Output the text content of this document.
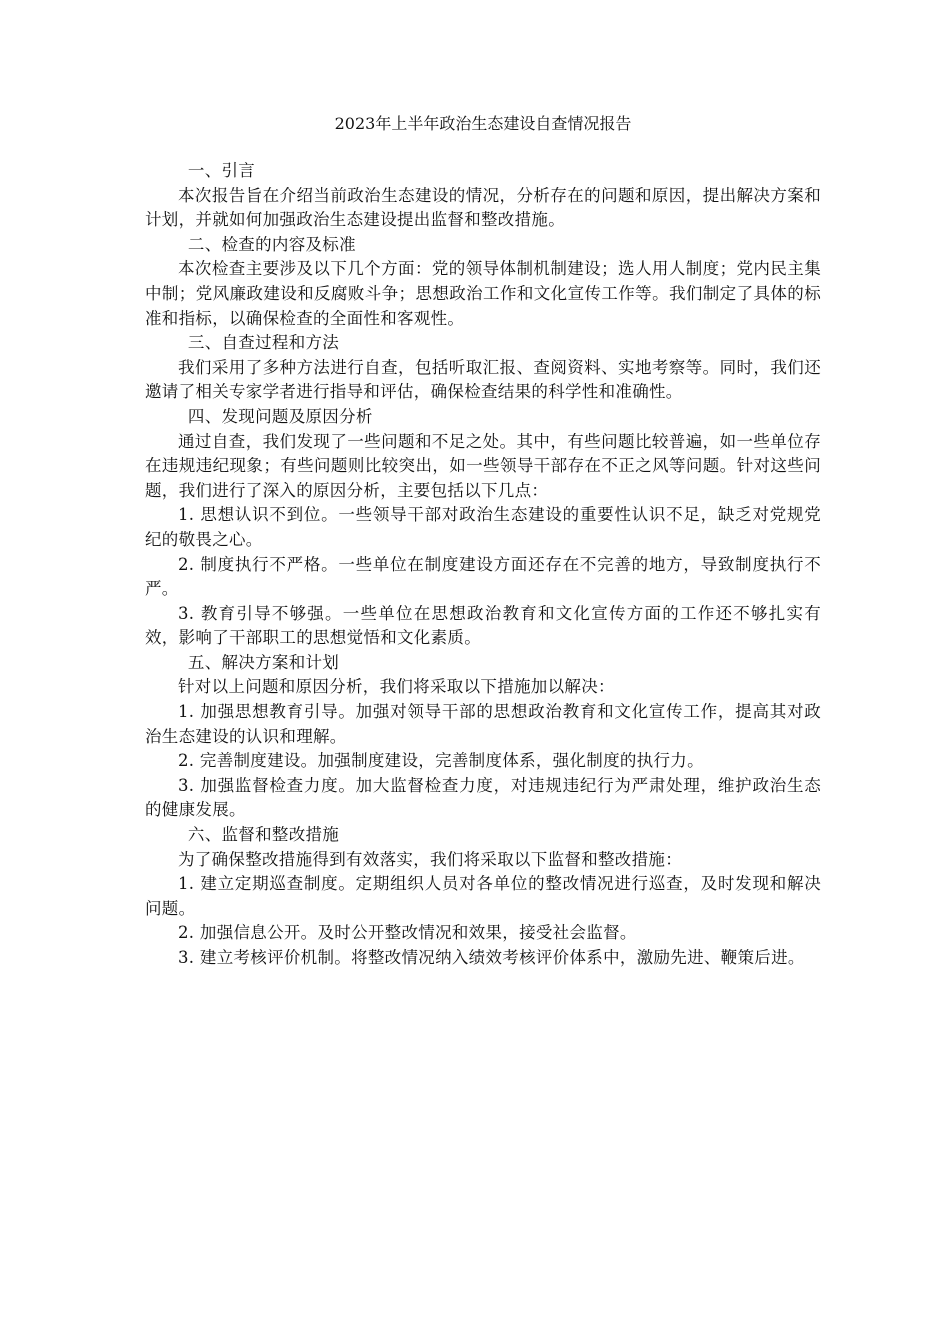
2023年上半年政治生态建设自查情况报告

一、引言

本次报告旨在介绍当前政治生态建设的情况，分析存在的问题和原因，提出解决方案和计划，并就如何加强政治生态建设提出监督和整改措施。

二、检查的内容及标准

本次检查主要涉及以下几个方面：党的领导体制机制建设；选人用人制度；党内民主集中制；党风廉政建设和反腐败斗争；思想政治工作和文化宣传工作等。我们制定了具体的标准和指标，以确保检查的全面性和客观性。

三、自查过程和方法

我们采用了多种方法进行自查，包括听取汇报、查阅资料、实地考察等。同时，我们还邀请了相关专家学者进行指导和评估，确保检查结果的科学性和准确性。

四、发现问题及原因分析

通过自查，我们发现了一些问题和不足之处。其中，有些问题比较普遍，如一些单位存在违规违纪现象；有些问题则比较突出，如一些领导干部存在不正之风等问题。针对这些问题，我们进行了深入的原因分析，主要包括以下几点：

1. 思想认识不到位。一些领导干部对政治生态建设的重要性认识不足，缺乏对党规党纪的敬畏之心。

2. 制度执行不严格。一些单位在制度建设方面还存在不完善的地方，导致制度执行不严。

3. 教育引导不够强。一些单位在思想政治教育和文化宣传方面的工作还不够扎实有效，影响了干部职工的思想觉悟和文化素质。

五、解决方案和计划

针对以上问题和原因分析，我们将采取以下措施加以解决：

1. 加强思想教育引导。加强对领导干部的思想政治教育和文化宣传工作，提高其对政治生态建设的认识和理解。

2. 完善制度建设。加强制度建设，完善制度体系，强化制度的执行力。

3. 加强监督检查力度。加大监督检查力度，对违规违纪行为严肃处理，维护政治生态的健康发展。

六、监督和整改措施

为了确保整改措施得到有效落实，我们将采取以下监督和整改措施：

1. 建立定期巡查制度。定期组织人员对各单位的整改情况进行巡查，及时发现和解决问题。

2. 加强信息公开。及时公开整改情况和效果，接受社会监督。

3. 建立考核评价机制。将整改情况纳入绩效考核评价体系中，激励先进、鞭策后进。
